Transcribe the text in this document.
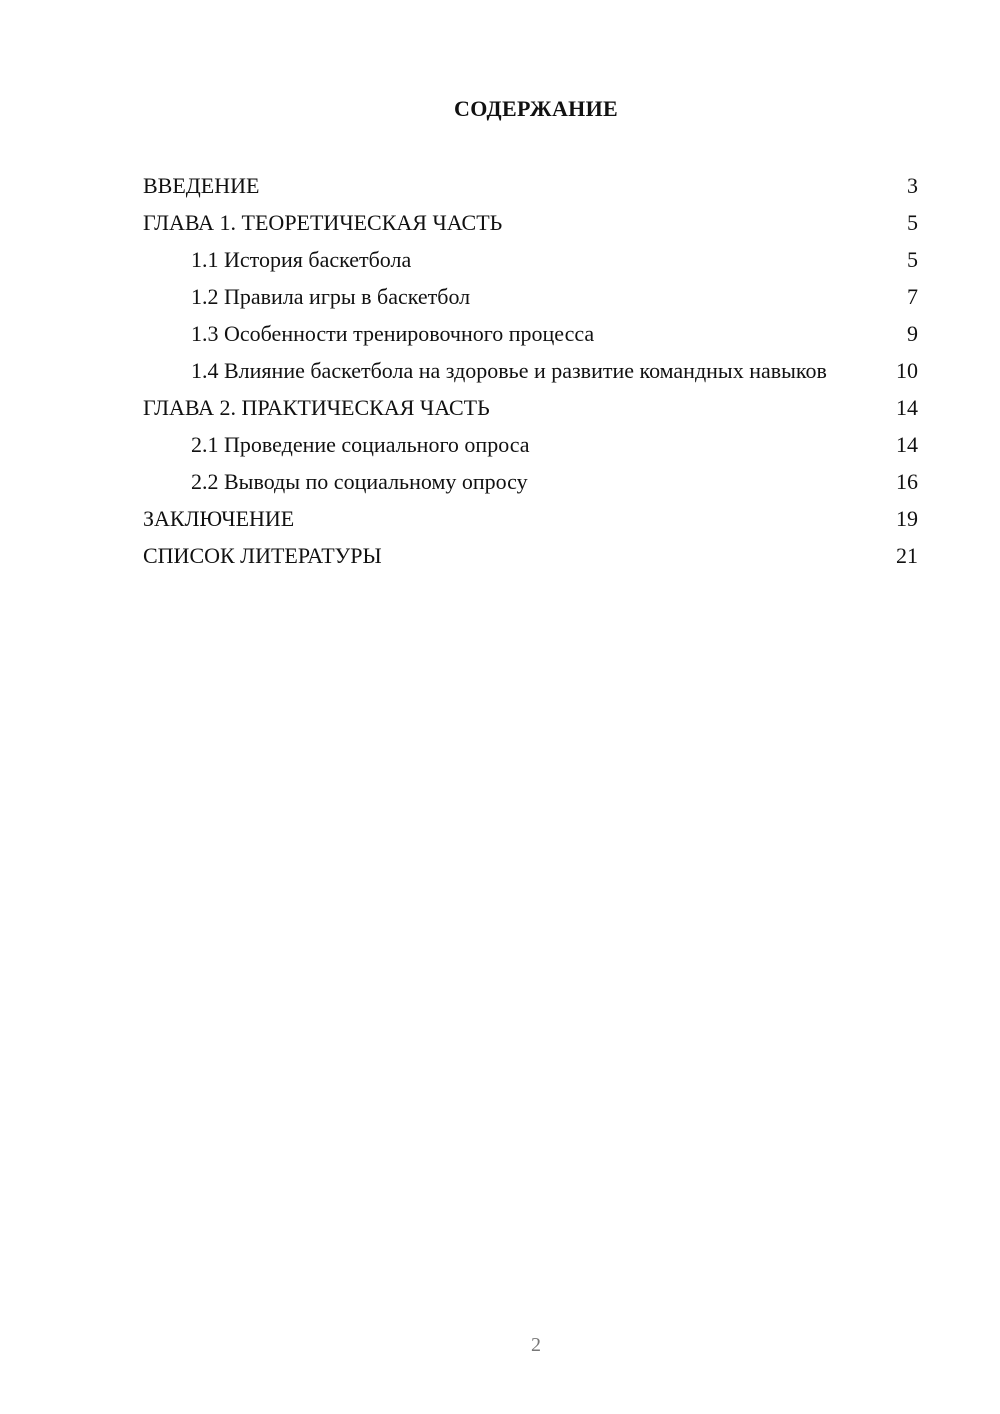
СОДЕРЖАНИЕ
ВВЕДЕНИЕ	3
ГЛАВА 1. ТЕОРЕТИЧЕСКАЯ ЧАСТЬ	5
1.1 История баскетбола	5
1.2 Правила игры в баскетбол	7
1.3 Особенности тренировочного процесса	9
1.4 Влияние баскетбола на здоровье и развитие командных навыков	10
ГЛАВА 2. ПРАКТИЧЕСКАЯ ЧАСТЬ	14
2.1 Проведение социального опроса	14
2.2 Выводы по социальному опросу	16
ЗАКЛЮЧЕНИЕ	19
СПИСОК ЛИТЕРАТУРЫ	21
2
